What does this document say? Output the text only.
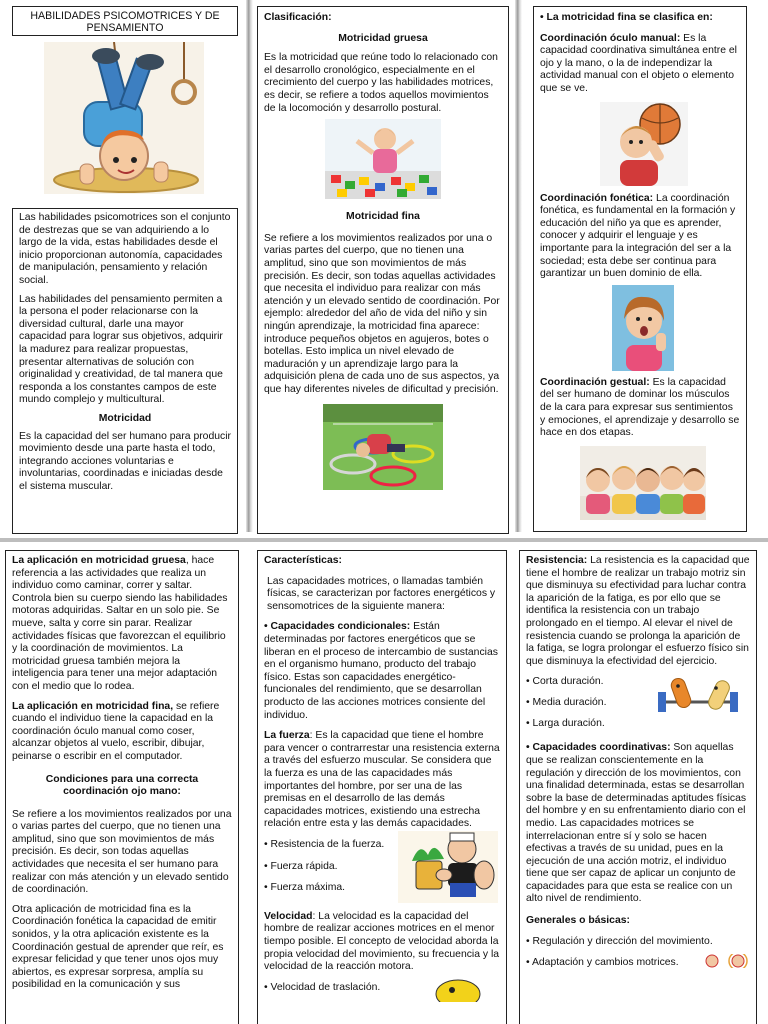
HABILIDADES PSICOMOTRICES Y DE PENSAMIENTO

Las habilidades psicomotrices son el conjunto de destrezas que se van adquiriendo a lo largo de la vida, estas habilidades desde el inicio proporcionan autonomía, capacidades de manipulación, pensamiento y relación social.

Las habilidades del pensamiento permiten a la persona el poder relacionarse con la diversidad cultural, darle una mayor capacidad para lograr sus objetivos, adquirir la madurez para realizar propuestas, presentar alternativas de solución con originalidad y creatividad, de tal manera que responda a los constantes campos de este mundo complejo y multicultural.

Motricidad

Es la capacidad del ser humano para producir movimiento desde una parte hasta el todo, integrando acciones voluntarias e involuntarias, coordinadas e iniciadas desde el sistema muscular.

Clasificación:

Motricidad gruesa

Es la motricidad que reúne todo lo relacionado con el desarrollo cronológico, especialmente en el crecimiento del cuerpo y las habilidades motrices, es decir, se refiere a todos aquellos movimientos de la locomoción y desarrollo postural.

Motricidad fina

Se refiere a los movimientos realizados por una o varias partes del cuerpo, que no tienen una amplitud, sino que son movimientos de más precisión. Es decir, son todas aquellas actividades que necesita el individuo para realizar con más atención y un elevado sentido de coordinación. Por ejemplo: alrededor del año de vida del niño y sin ningún aprendizaje, la motricidad fina aparece: introduce pequeños objetos en agujeros, botes o botellas. Esto implica un nivel elevado de maduración y un aprendizaje largo para la adquisición plena de cada uno de sus aspectos, ya que hay diferentes niveles de dificultad y precisión.

• La motricidad fina se clasifica en:

Coordinación óculo manual: Es la capacidad coordinativa simultánea entre el ojo y la mano, o la de independizar la actividad manual con el objeto o elemento que se ve.

Coordinación fonética: La coordinación fonética, es fundamental en la formación y educación del niño ya que es aprender, conocer y adquirir el lenguaje y es importante para la integración del ser a la sociedad; esta debe ser continua para garantizar un buen dominio de ella.

Coordinación gestual: Es la capacidad del ser humano de dominar los músculos de la cara para expresar sus sentimientos y emociones, el aprendizaje y desarrollo se hace en dos etapas.

La aplicación en motricidad gruesa, hace referencia a las actividades que realiza un individuo como caminar, correr y saltar. Controla bien su cuerpo siendo las habilidades motoras adquiridas. Saltar en un solo pie. Se mueve, salta y corre sin parar. Realizar actividades físicas que favorezcan el equilibrio y la coordinación de movimientos. La motricidad gruesa también mejora la inteligencia para tener una mejor adaptación con el medio que lo rodea.

La aplicación en motricidad fina, se refiere cuando el individuo tiene la capacidad en la coordinación óculo manual como coser, alcanzar objetos al vuelo, escribir, dibujar, peinarse o escribir en el computador.

Condiciones para una correcta coordinación ojo mano:

Se refiere a los movimientos realizados por una o varias partes del cuerpo, que no tienen una amplitud, sino que son movimientos de más precisión. Es decir, son todas aquellas actividades que necesita el ser humano para realizar con más atención y un elevado sentido de coordinación.

Otra aplicación de motricidad fina es la Coordinación fonética la capacidad de emitir sonidos, y la otra aplicación existente es la Coordinación gestual de aprender que reír, es expresar felicidad y que tener unos ojos muy abiertos, es expresar sorpresa, amplía su posibilidad en la comunicación y sus

Características:

Las capacidades motrices, o llamadas también físicas, se caracterizan por factores energéticos y sensomotrices de la siguiente manera:

• Capacidades condicionales: Están determinadas por factores energéticos que se liberan en el proceso de intercambio de sustancias en el organismo humano, producto del trabajo físico. Estas son capacidades energético-funcionales del rendimiento, que se desarrollan producto de las acciones motrices consiente del individuo.

La fuerza: Es la capacidad que tiene el hombre para vencer o contrarrestar una resistencia externa a través del esfuerzo muscular. Se considera que la fuerza es una de las capacidades más importantes del hombre, por ser una de las premisas en el desarrollo de las demás capacidades motrices, existiendo una estrecha relación entre esta y las demás capacidades.

• Resistencia de la fuerza.

• Fuerza rápida.

• Fuerza máxima.

Velocidad: La velocidad es la capacidad del hombre de realizar acciones motrices en el menor tiempo posible. El concepto de velocidad aborda la propia velocidad del movimiento, su frecuencia y la velocidad de la reacción motora.

• Velocidad de traslación.

Resistencia: La resistencia es la capacidad que tiene el hombre de realizar un trabajo motriz sin que disminuya su efectividad para luchar contra la aparición de la fatiga, es por ello que se identifica la resistencia con un trabajo prolongado en el tiempo. Al elevar el nivel de resistencia cuando se prolonga la aparición de la fatiga, se logra prolongar el esfuerzo físico sin que disminuya la efectividad del ejercicio.

• Corta duración.

• Media duración.

• Larga duración.

• Capacidades coordinativas: Son aquellas que se realizan conscientemente en la regulación y dirección de los movimientos, con una finalidad determinada, estas se desarrollan sobre la base de determinadas aptitudes físicas del hombre y en su enfrentamiento diario con el medio. Las capacidades motrices se interrelacionan entre sí y solo se hacen efectivas a través de su unidad, pues en la ejecución de una acción motriz, el individuo tiene que ser capaz de aplicar un conjunto de capacidades para que esta se realice con un alto nivel de rendimiento.

Generales o básicas:

• Regulación y dirección del movimiento.

• Adaptación y cambios motrices.
